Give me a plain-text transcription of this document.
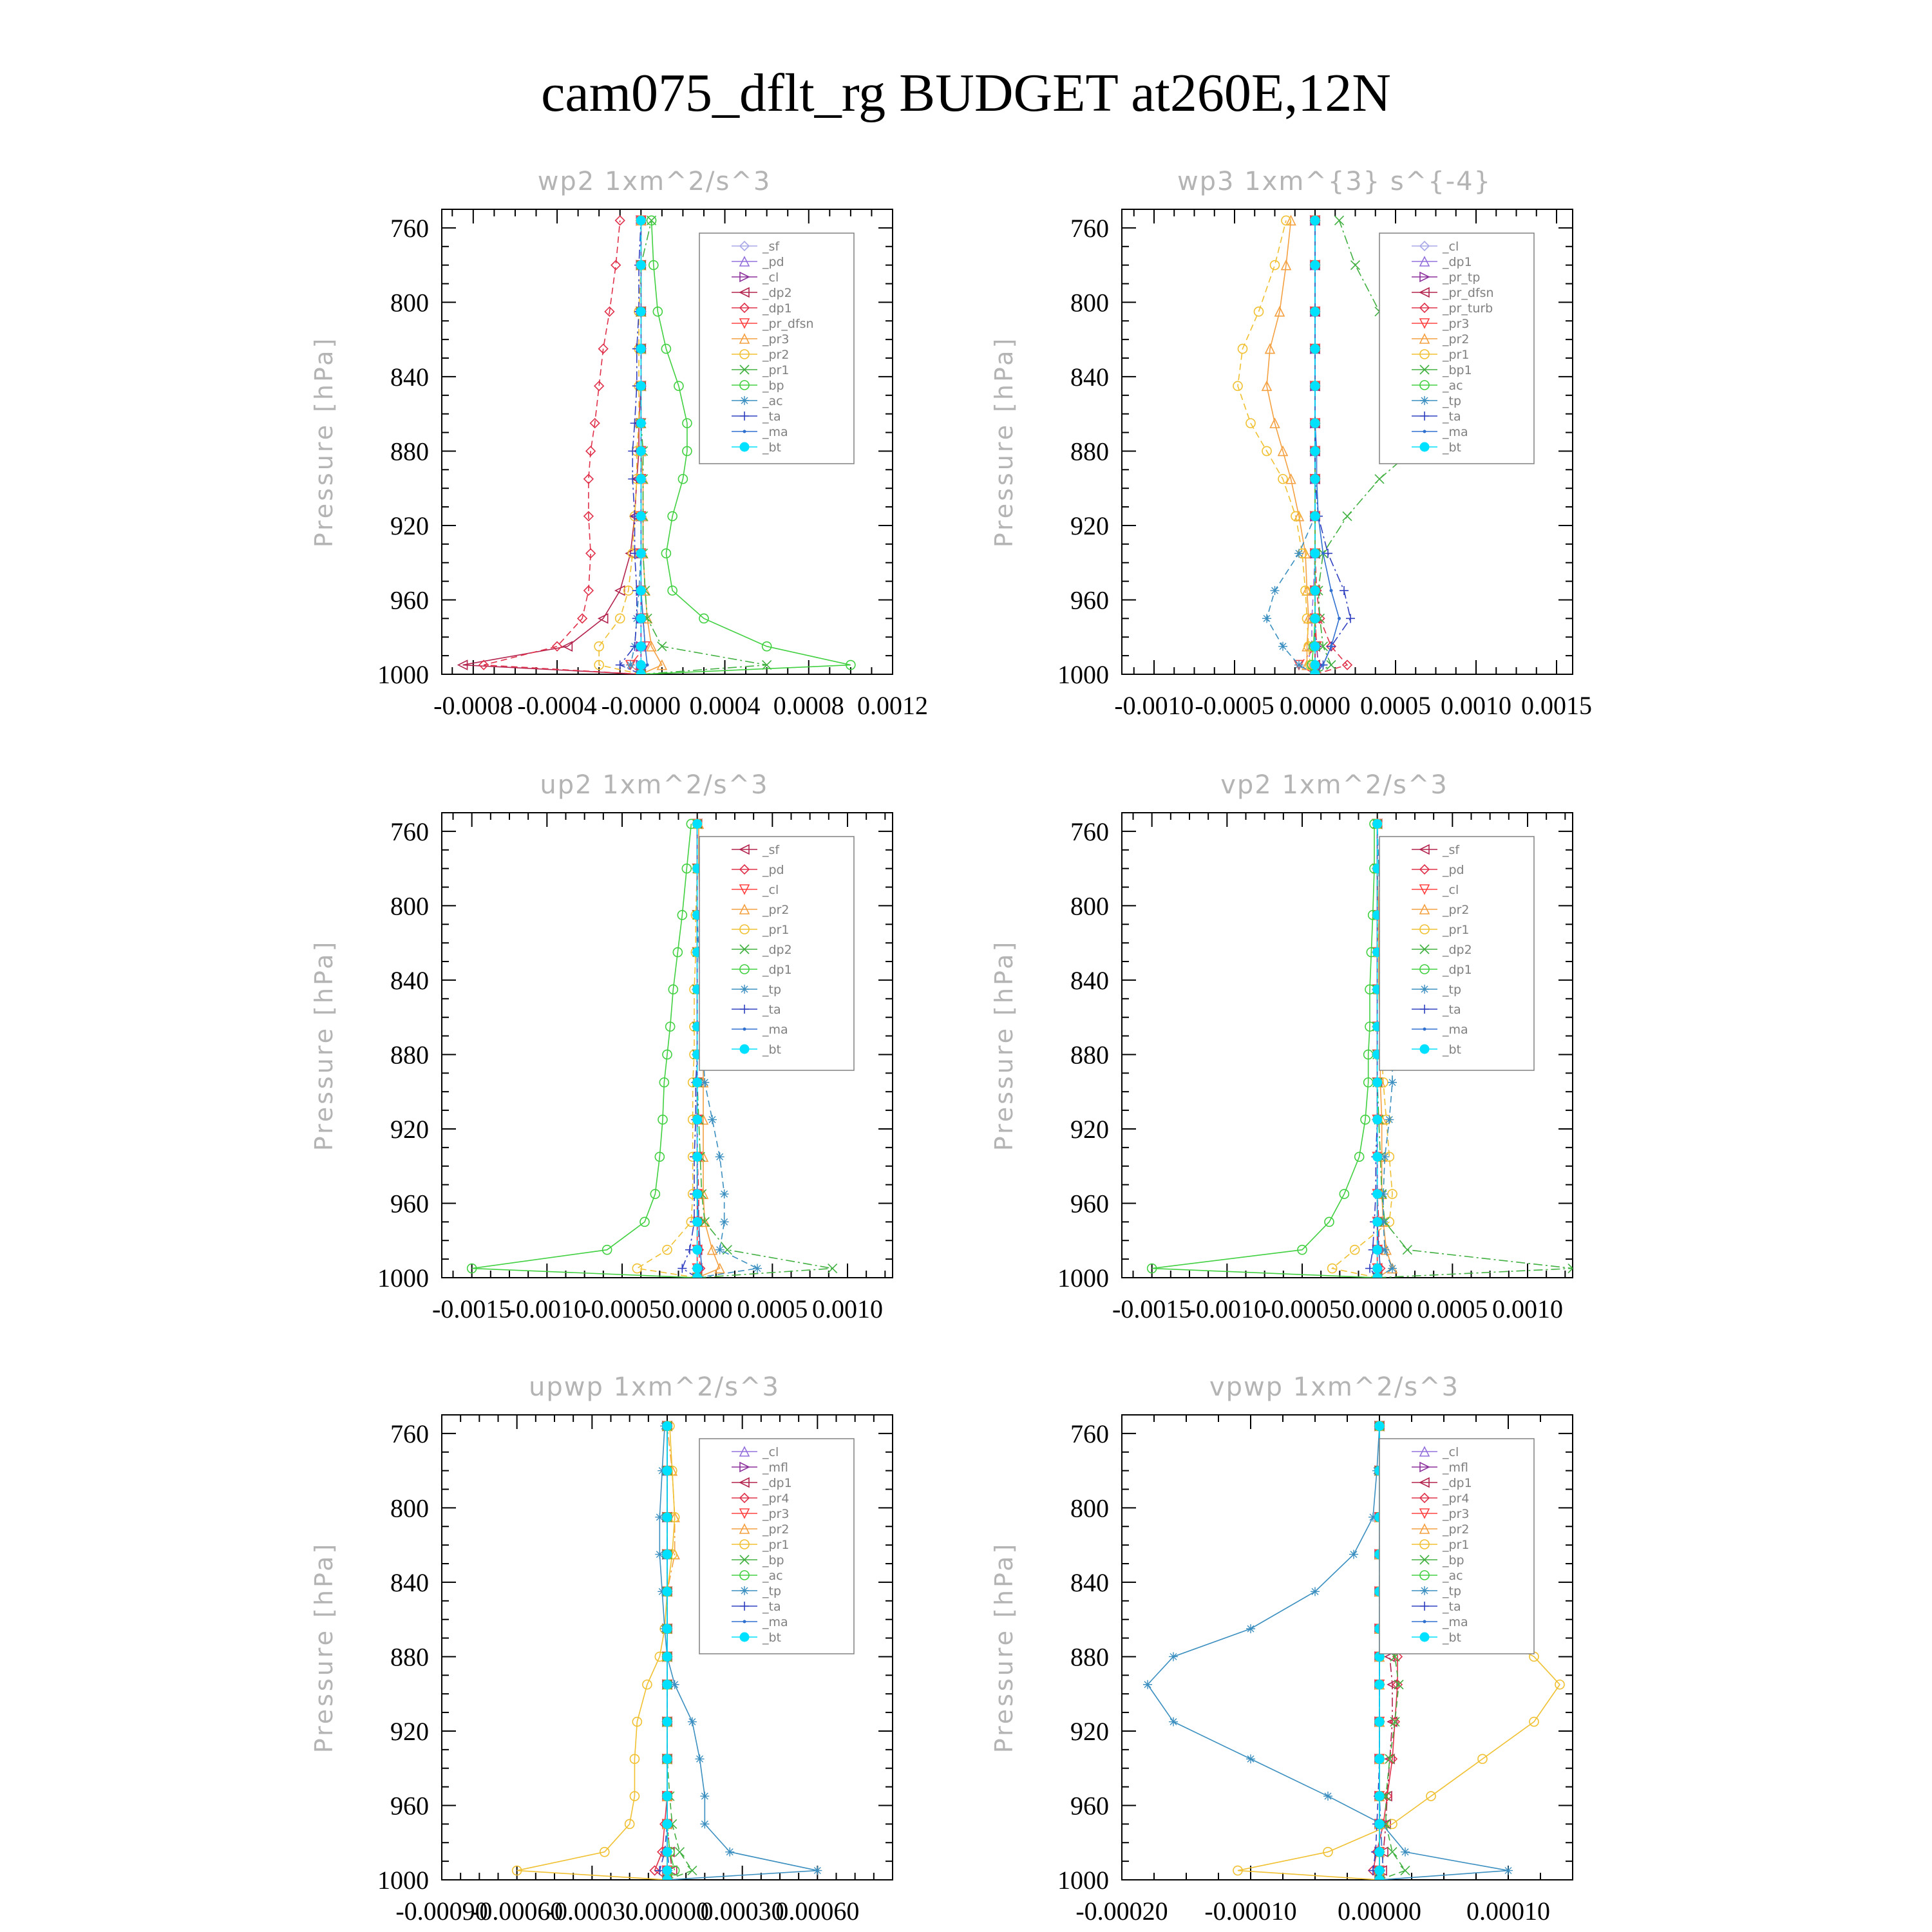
cam075_dflt_rg BUDGET at260E,12N
wp2 1xm^2/s^3
Pressure [hPa]
760
800
840
880
920
960
1000
-0.0008 -0.0004 -0.0000 0.0004 0.0008 0.0012
_sf
_pd
_cl
_dp2
_dp1
_pr_dfsn
_pr3
_pr2
_pr1
_bp
_ac
_ta
_ma
_bt
wp3 1xm^{3} s^{-4}
Pressure [hPa]
760
800
840
880
920
960
1000
-0.0010 -0.0005 0.0000 0.0005 0.0010 0.0015
_cl
_dp1
_pr_tp
_pr_dfsn
_pr_turb
_pr3
_pr2
_pr1
_bp1
_ac
_tp
_ta
_ma
_bt
up2 1xm^2/s^3
Pressure [hPa]
760
800
840
880
920
960
1000
-0.0015
-0.0010
-0.0005 0.0000 0.0005 0.0010
_sf
_pd
_cl
_pr2
_pr1
_dp2
_dp1
_tp
_ta
_ma
_bt
vp2 1xm^2/s^3
Pressure [hPa]
760
800
840
880
920
960
1000
-0.0015
-0.0010
-0.0005 0.0000 0.0005 0.0010
_sf
_pd
_cl
_pr2
_pr1
_dp2
_dp1
_tp
_ta
_ma
_bt
upwp 1xm^2/s^3
Pressure [hPa]
760
800
840
880
920
960
1000
-0.00090
-0.00060
-0.00030
0.00000
0.00030
0.00060
_cl
_mfl
_dp1
_pr4
_pr3
_pr2
_pr1
_bp
_ac
_tp
_ta
_ma
_bt
vpwp 1xm^2/s^3
Pressure [hPa]
760
800
840
880
920
960
1000
-0.00020 -0.00010 0.00000 0.00010
_cl
_mfl
_dp1
_pr4
_pr3
_pr2
_pr1
_bp
_ac
_tp
_ta
_ma
_bt
